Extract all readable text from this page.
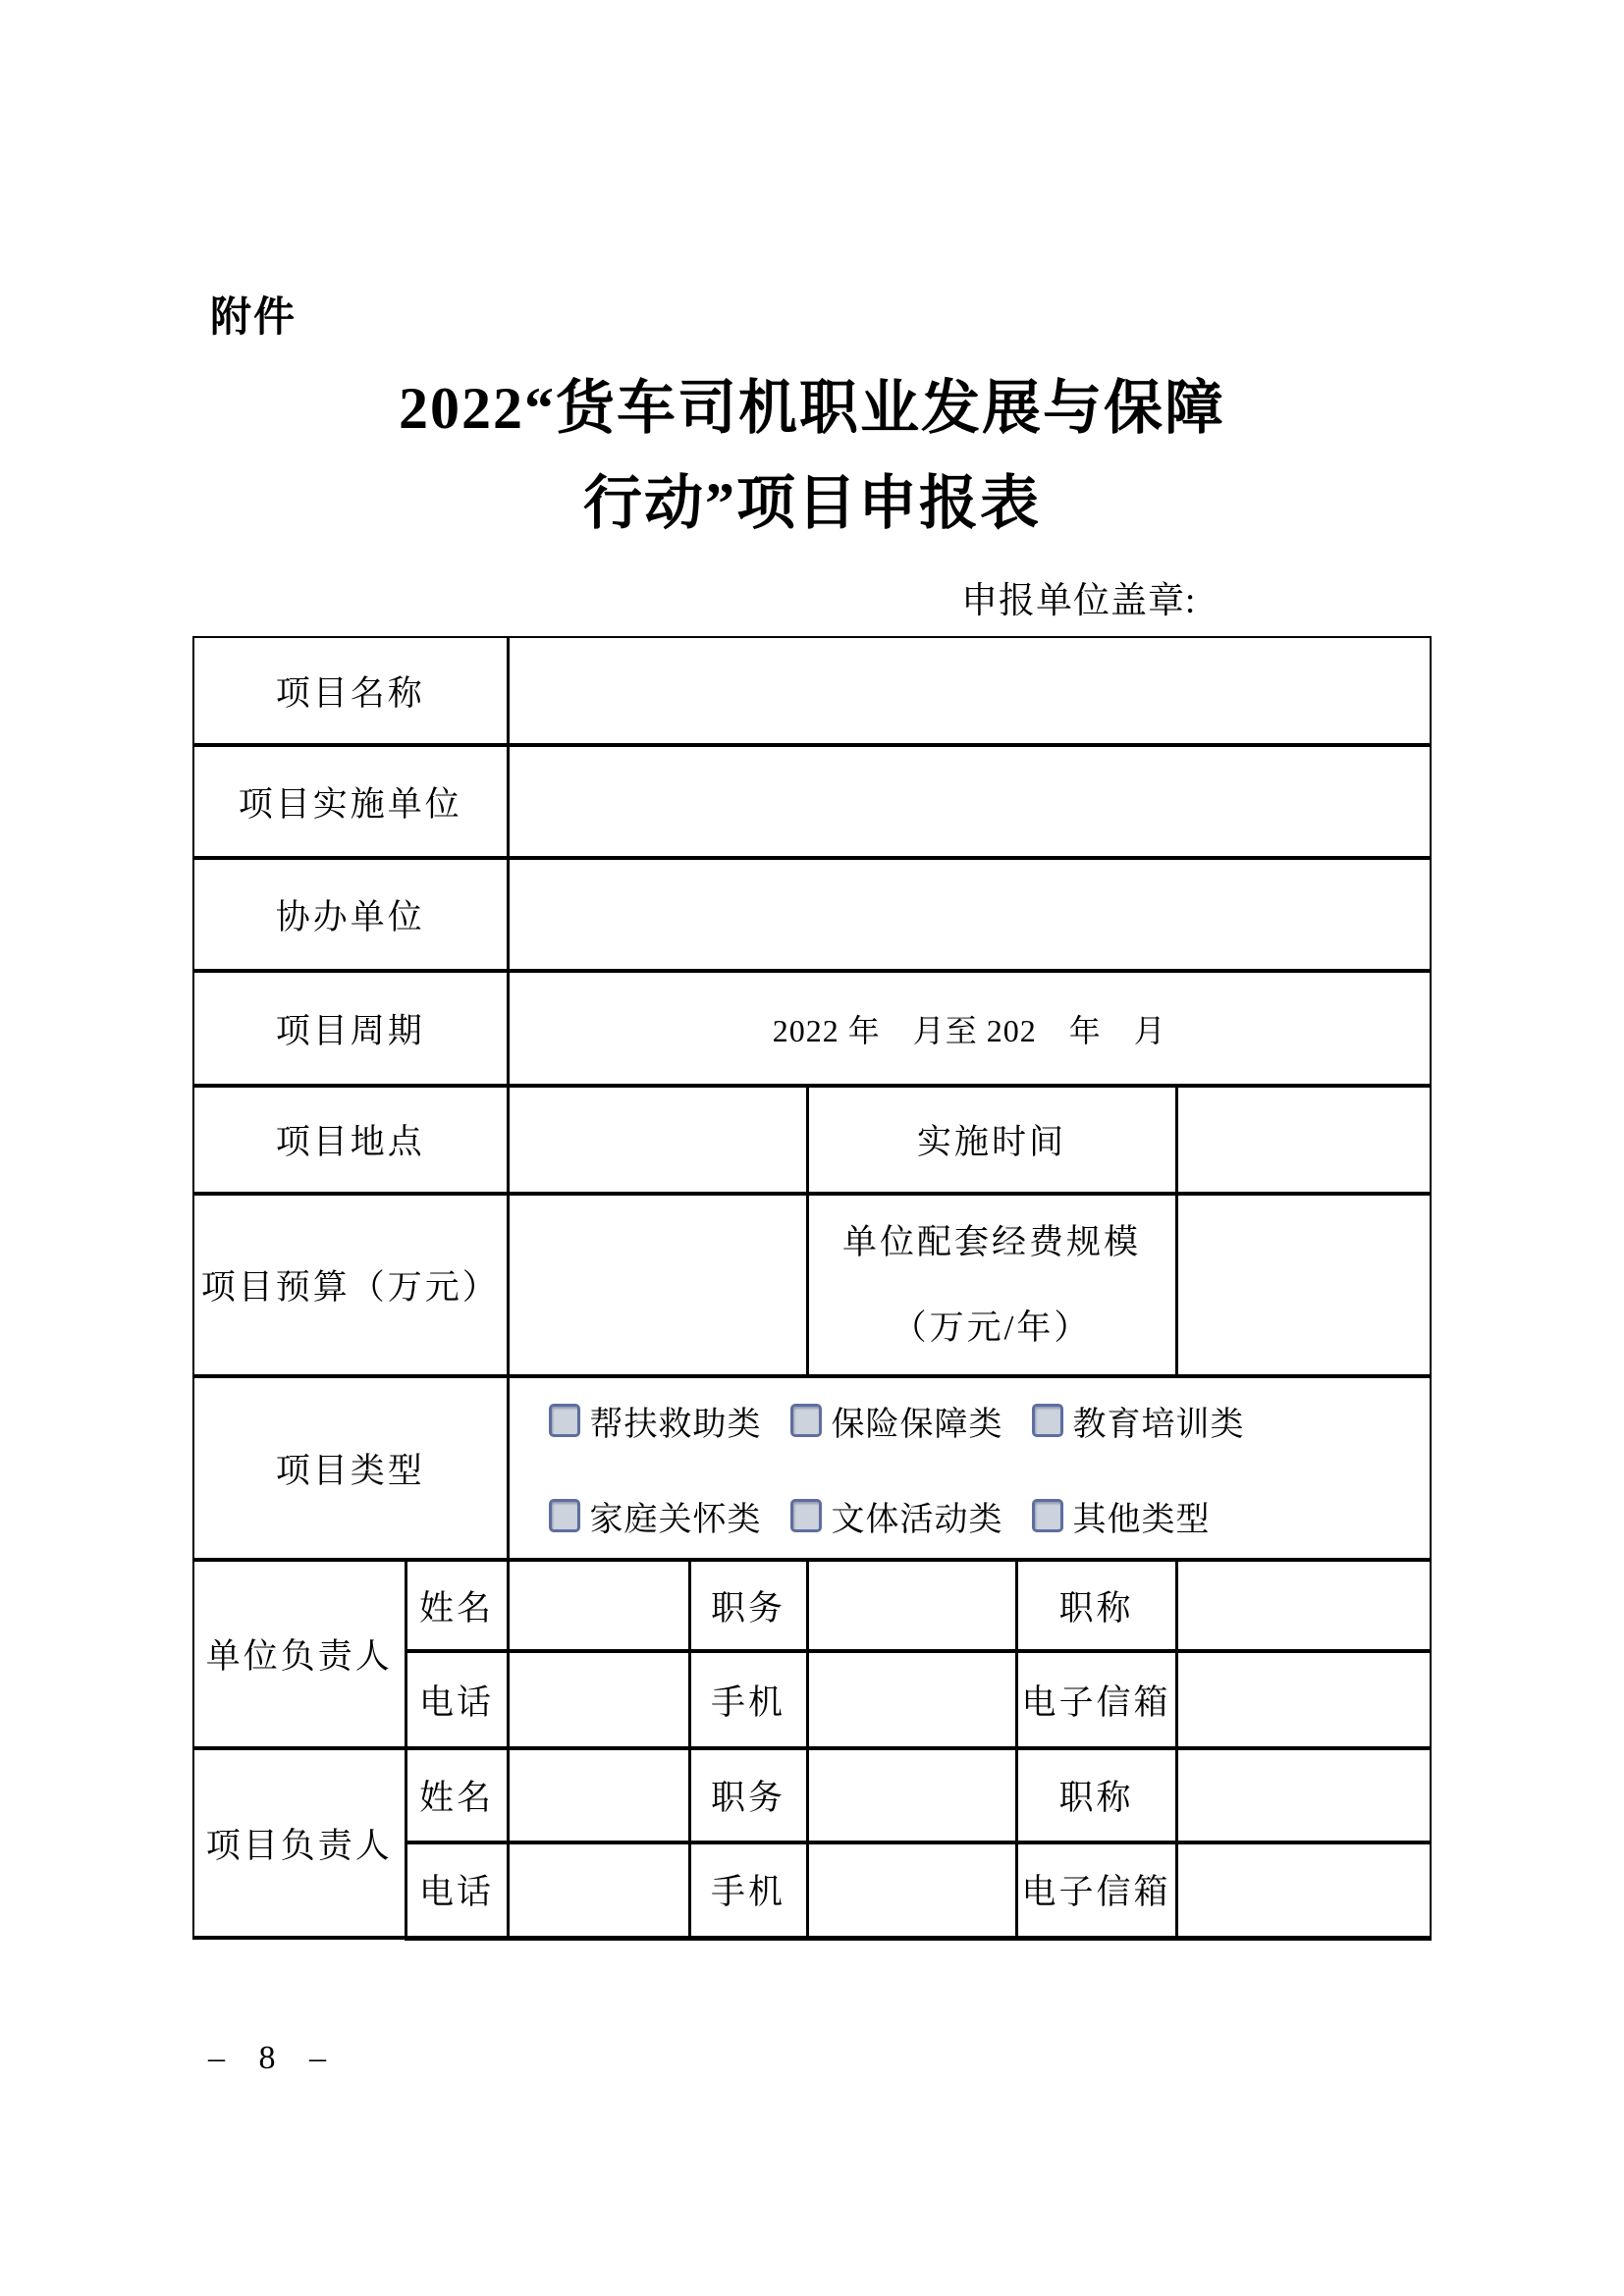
附件
2022“货车司机职业发展与保障
行动”项目申报表
申报单位盖章:
项目名称						
项目实施单位						
协办单位						
项目周期		2022 年　月至 202　年　月				
项目地点				实施时间		
项目预算（万元）				单位配套经费规模
（万元/年）		

项目类型	
帮扶救助类 保险保障类 教育培训类
家庭关怀类 文体活动类 其他类型

单位负责人	姓名		职务		职称	
	电话		手机		电子信箱	
项目负责人	姓名		职务		职称	
	电话		手机		电子信箱	
– 8 –
